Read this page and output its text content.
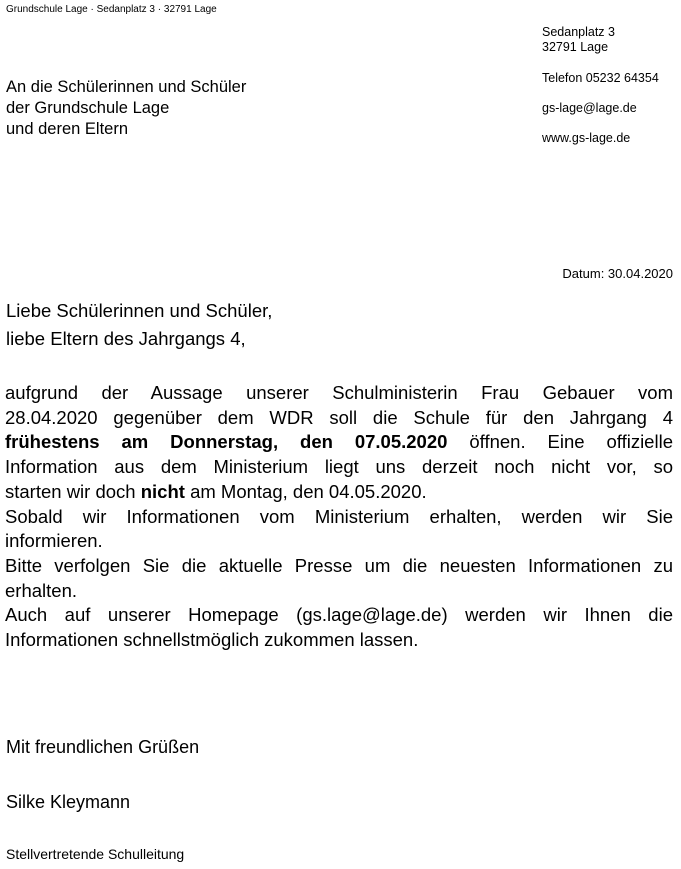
Grundschule Lage · Sedanplatz 3 · 32791 Lage
An die Schülerinnen und Schüler
der Grundschule Lage
und deren Eltern
Sedanplatz 3
32791 Lage
Telefon 05232 64354
gs-lage@lage.de
www.gs-lage.de
Datum: 30.04.2020
Liebe Schülerinnen und Schüler,
liebe Eltern des Jahrgangs 4,
aufgrund der Aussage unserer Schulministerin Frau Gebauer vom
28.04.2020 gegenüber dem WDR soll die Schule für den Jahrgang 4
frühestens am Donnerstag, den 07.05.2020 öffnen. Eine offizielle
Information aus dem Ministerium liegt uns derzeit noch nicht vor, so
starten wir doch nicht am Montag, den 04.05.2020.
Sobald wir Informationen vom Ministerium erhalten, werden wir Sie
informieren.
Bitte verfolgen Sie die aktuelle Presse um die neuesten Informationen zu
erhalten.
Auch auf unserer Homepage (gs.lage@lage.de) werden wir Ihnen die
Informationen schnellstmöglich zukommen lassen.
Mit freundlichen Grüßen
Silke Kleymann
Stellvertretende Schulleitung
